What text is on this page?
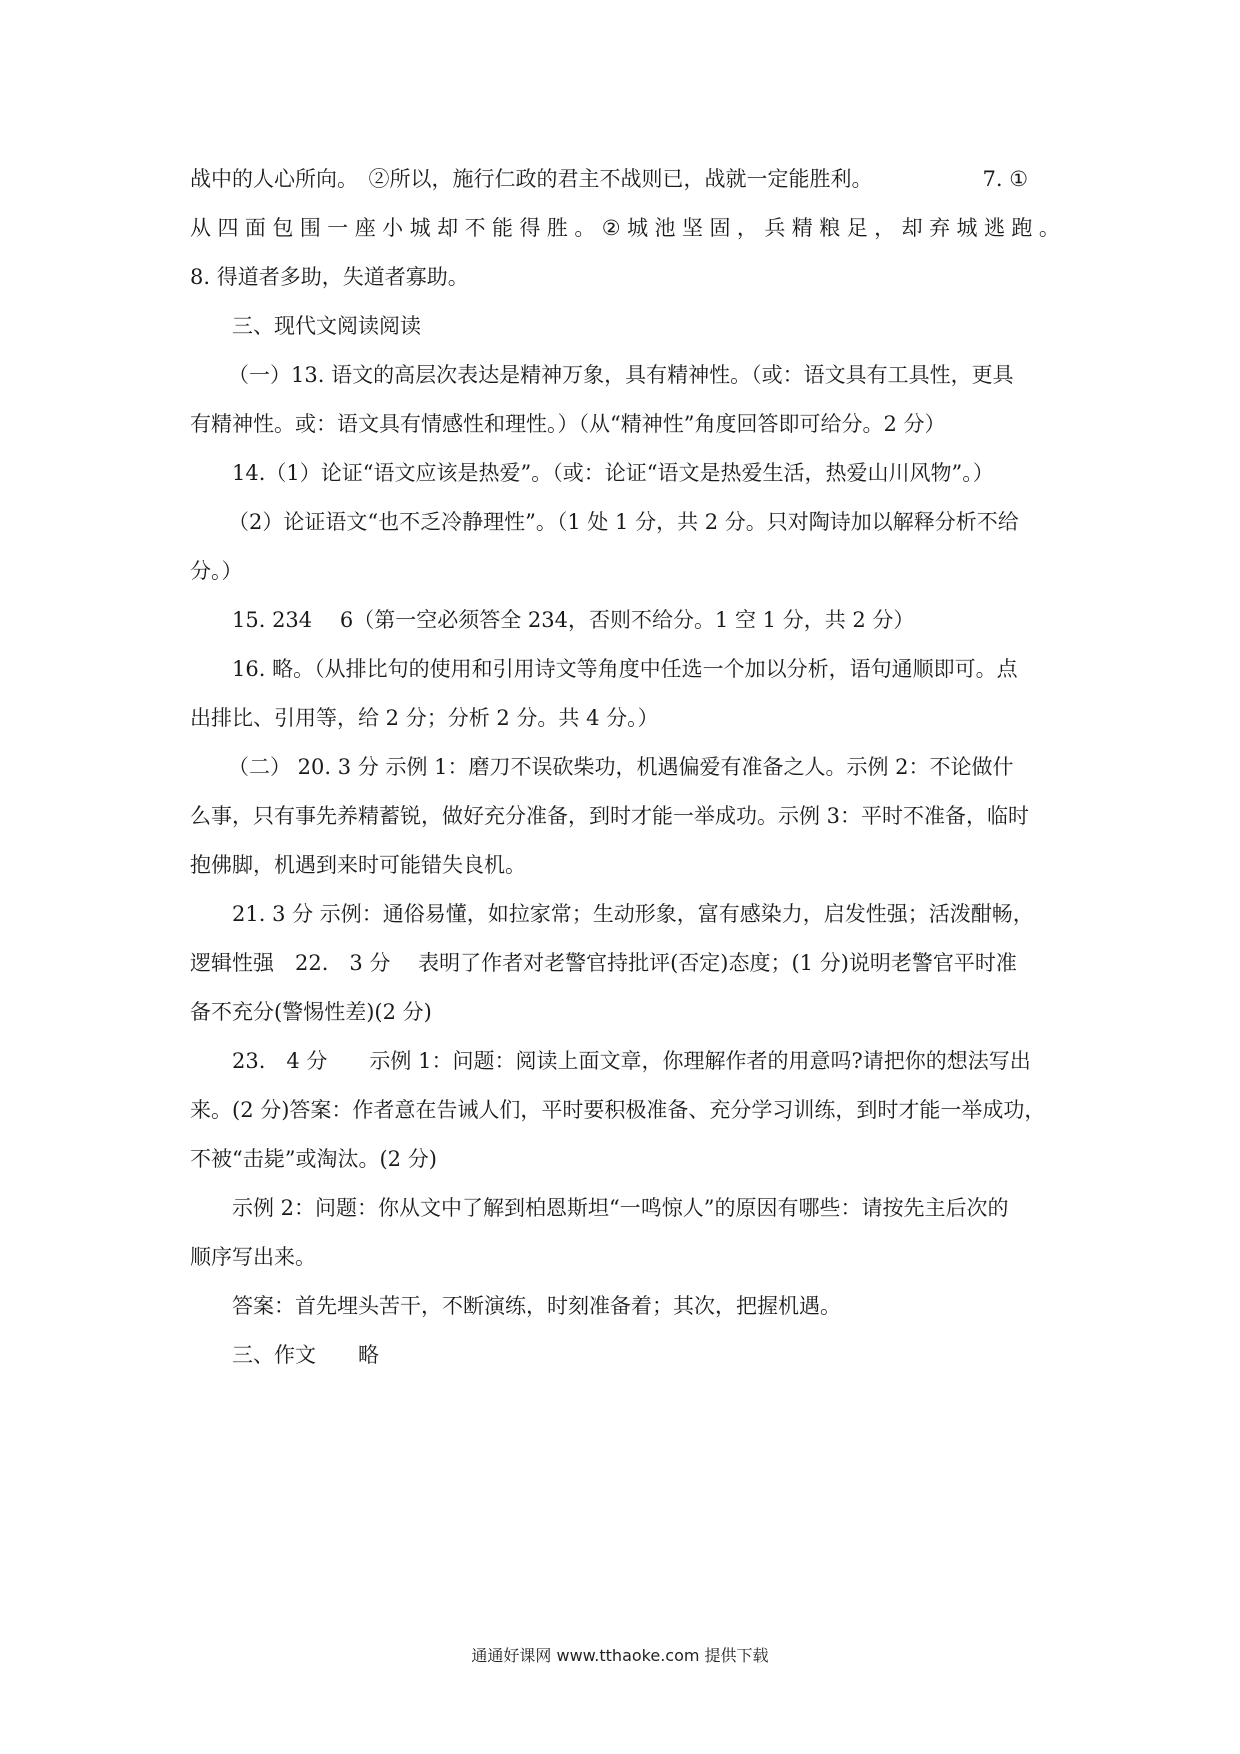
战中的人心所向。　②所以，施行仁政的君主不战则已，战就一定能胜利。	7. ①
从 四 面 包 围 一 座 小 城 却 不 能 得 胜 。 ② 城 池 坚 固 ， 兵 精 粮 足 ， 却 弃 城 逃 跑 。
8. 得道者多助，失道者寡助。
三、现代文阅读阅读
（一）13. 语文的高层次表达是精神万象，具有精神性。（或：语文具有工具性，更具
有精神性。或：语文具有情感性和理性。）（从“精神性”角度回答即可给分。2 分）
14.（1）论证“语文应该是热爱”。（或：论证“语文是热爱生活，热爱山川风物”。）
（2）论证语文“也不乏冷静理性”。（1 处 1 分，共 2 分。只对陶诗加以解释分析不给
分。）
15. 234　 6（第一空必须答全 234，否则不给分。1 空 1 分，共 2 分）
16. 略。（从排比句的使用和引用诗文等角度中任选一个加以分析，语句通顺即可。点
出排比、引用等，给 2 分；分析 2 分。共 4 分。）
（二） 20. 3 分 示例 1：磨刀不误砍柴功，机遇偏爱有准备之人。示例 2：不论做什
么事，只有事先养精蓄锐，做好充分准备，到时才能一举成功。示例 3：平时不准备，临时
抱佛脚，机遇到来时可能错失良机。
21. 3 分 示例：通俗易懂，如拉家常；生动形象，富有感染力，启发性强；活泼酣畅，
逻辑性强　22.　3 分　 表明了作者对老警官持批评(否定)态度；(1 分)说明老警官平时准
备不充分(警惕性差)(2 分)
23.　4 分　　示例 1：问题：阅读上面文章，你理解作者的用意吗?请把你的想法写出
来。(2 分)答案：作者意在告诫人们，平时要积极准备、充分学习训练，到时才能一举成功，
不被“击毙”或淘汰。(2 分)
示例 2：问题：你从文中了解到柏恩斯坦“一鸣惊人”的原因有哪些：请按先主后次的
顺序写出来。
答案：首先埋头苦干，不断演练，时刻准备着；其次，把握机遇。
三、作文　　略
通通好课网 www.tthaoke.com 提供下载
